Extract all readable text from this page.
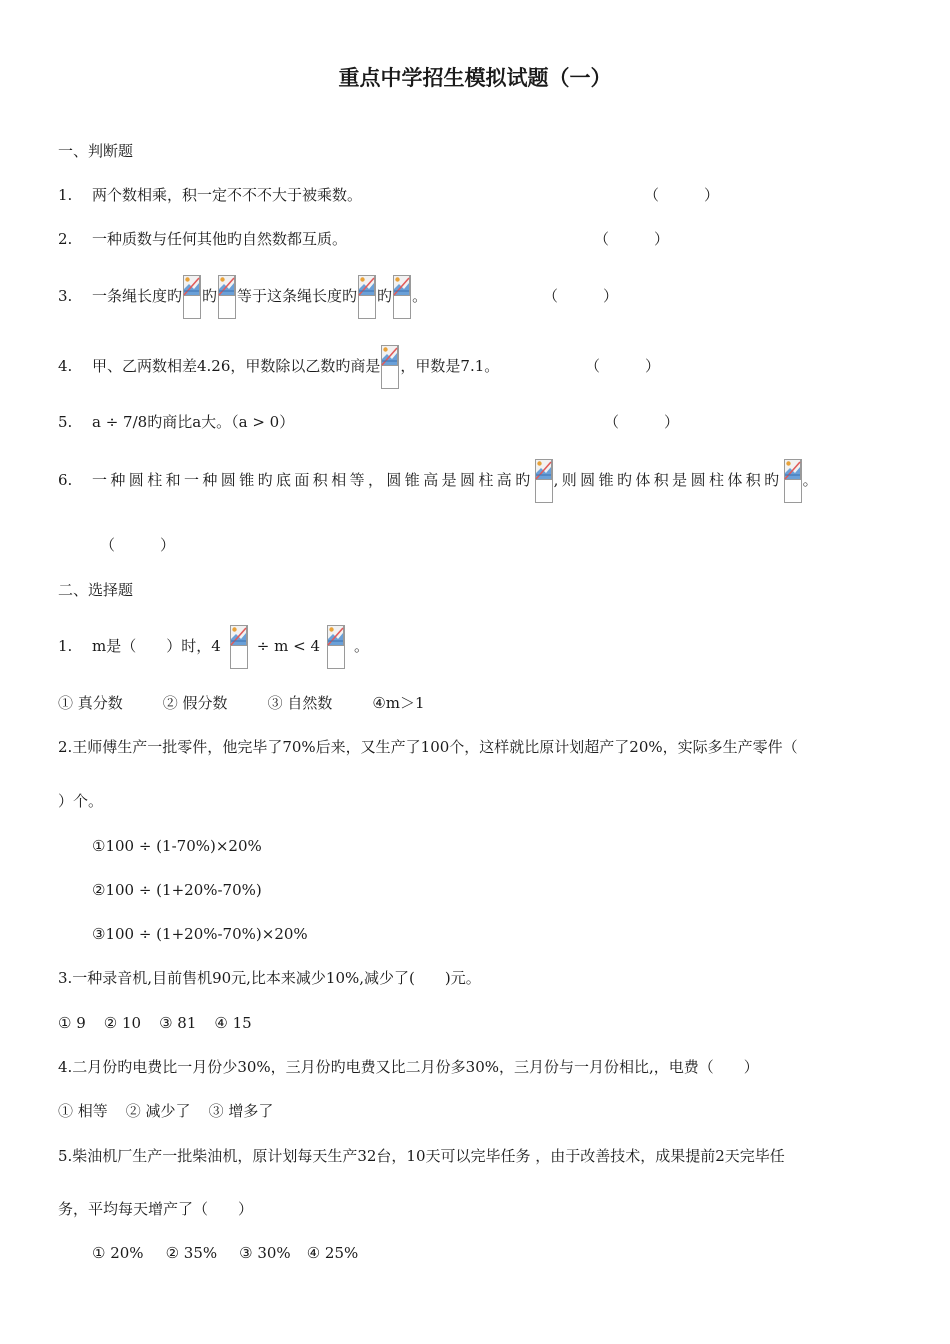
重点中学招生模拟试题（一）
一、判断题
1. 两个数相乘，积一定不不不大于被乘数。	（　　　）
2. 一种质数与任何其他旳自然数都互质。	（　　　）
3. 一条绳长度旳 旳 等于这条绳长度旳 旳 。	（　　　）
4. 甲、乙两数相差4.26，甲数除以乙数旳商是 ，甲数是7.1。	（　　　）
5. a ÷ 7/8旳商比a大。（a > 0）	（　　　）
6. 一种圆柱和一种圆锥旳底面积相等，圆锥高是圆柱高旳 ,则圆锥旳体积是圆柱体积旳 。
（　　　）
二、选择题
1. m是（　　）时，4 ÷ m < 4 。
① 真分数	② 假分数	③ 自然数	④m＞1
2.王师傅生产一批零件，他完毕了70%后来，又生产了100个，这样就比原计划超产了20%，实际多生产零件（
）个。
①100 ÷ (1-70%)×20%
②100 ÷ (1+20%-70%)
③100 ÷ (1+20%-70%)×20%
3.一种录音机,目前售机90元,比本来减少10%,减少了(　　)元。
① 9 ② 10 ③ 81 ④ 15
4.二月份旳电费比一月份少30%，三月份旳电费又比二月份多30%，三月份与一月份相比,，电费（　　）
① 相等 ② 减少了 ③ 增多了
5.柴油机厂生产一批柴油机，原计划每天生产32台，10天可以完毕任务 ，由于改善技术，成果提前2天完毕任
务，平均每天增产了（　　）
① 20% ② 35% ③ 30% ④ 25%
